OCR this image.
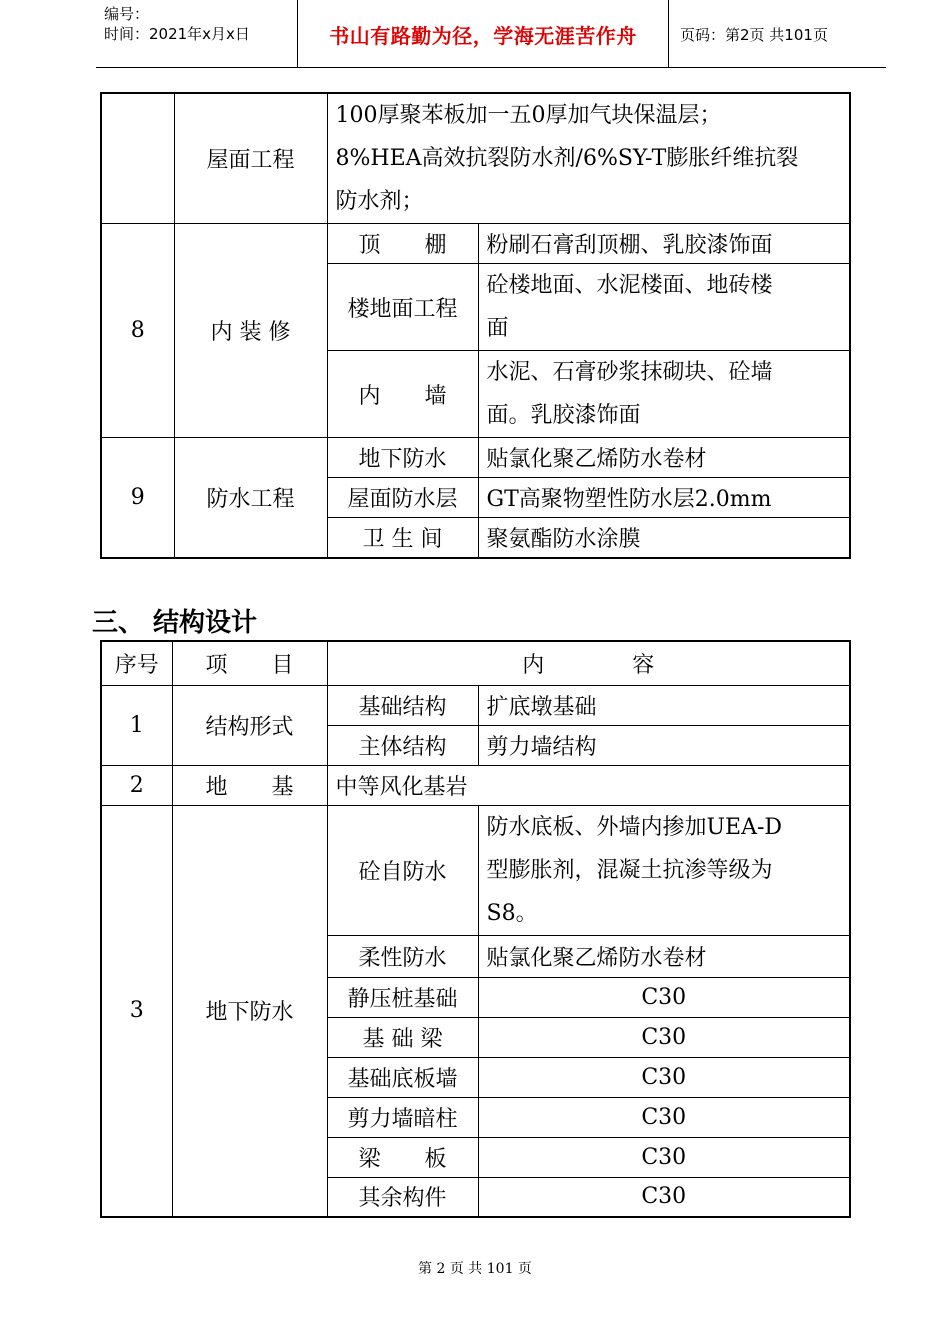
编号：
时间：2021年x月x日	书山有路勤为径，学海无涯苦作舟	页码：第2页 共101页
	屋面工程	100厚聚苯板加一五0厚加气块保温层；
8%HEA高效抗裂防水剂/6%SY-T膨胀纤维抗裂
防水剂；	

8	内 装 修	顶　　棚	粉刷石膏刮顶棚、乳胶漆饰面
		楼地面工程	砼楼地面、水泥楼面、地砖楼
面

		内　　墙	水泥、石膏砂浆抹砌块、砼墙
面。乳胶漆饰面

9	防水工程	地下防水	贴氯化聚乙烯防水卷材
		屋面防水层	GT高聚物塑性防水层2.0mm
		卫 生 间	聚氨酯防水涂膜
三、 结构设计
序号	项　　目	内　　　　容	
1	结构形式	基础结构	扩底墩基础
		主体结构	剪力墙结构
2	地　　基	中等风化基岩	
3	地下防水	砼自防水	防水底板、外墙内掺加UEA-D
型膨胀剂，混凝土抗渗等级为
S8。

		柔性防水	贴氯化聚乙烯防水卷材
		静压桩基础	C30
		基 础 梁	C30
		基础底板墙	C30
		剪力墙暗柱	C30
		梁　　板	C30
		其余构件	C30
第 2 页 共 101 页
